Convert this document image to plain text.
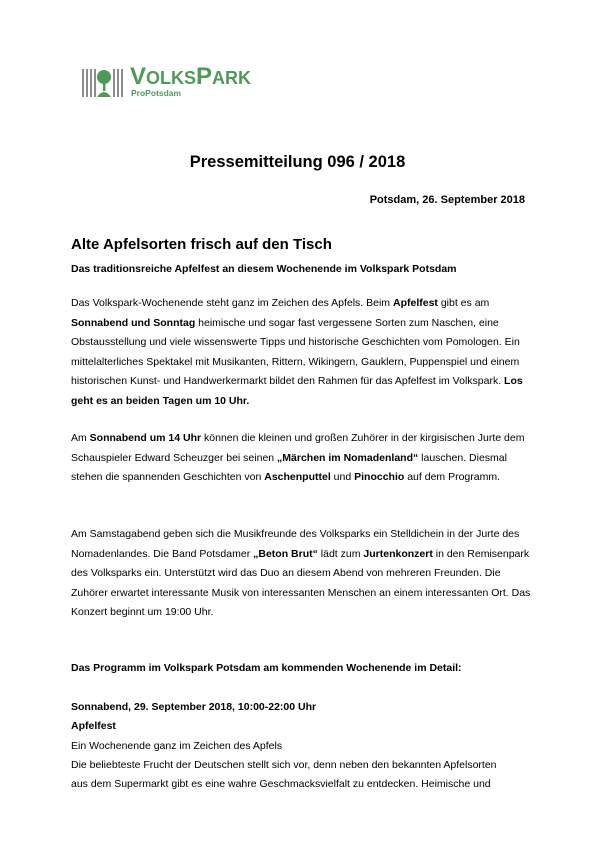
VOLKSPARK
ProPotsdam
Pressemitteilung 096 / 2018
Potsdam, 26. September 2018
Alte Apfelsorten frisch auf den Tisch
Das traditionsreiche Apfelfest an diesem Wochenende im Volkspark Potsdam

Das Volkspark-Wochenende steht ganz im Zeichen des Apfels. Beim Apfelfest gibt es am Sonnabend und Sonntag heimische und sogar fast vergessene Sorten zum Naschen, eine Obstausstellung und viele wissenswerte Tipps und historische Geschichten vom Pomologen. Ein mittelalterliches Spektakel mit Musikanten, Rittern, Wikingern, Gauklern, Puppenspiel und einem historischen Kunst- und Handwerkermarkt bildet den Rahmen für das Apfelfest im Volkspark. Los geht es an beiden Tagen um 10 Uhr.

Am Sonnabend um 14 Uhr können die kleinen und großen Zuhörer in der kirgisischen Jurte dem Schauspieler Edward Scheuzger bei seinen „Märchen im Nomadenland“ lauschen. Diesmal stehen die spannenden Geschichten von Aschenputtel und Pinocchio auf dem Programm.

Am Samstagabend geben sich die Musikfreunde des Volksparks ein Stelldichein in der Jurte des Nomadenlandes. Die Band Potsdamer „Beton Brut“ lädt zum Jurtenkonzert in den Remisenpark des Volksparks ein. Unterstützt wird das Duo an diesem Abend von mehreren Freunden. Die Zuhörer erwartet interessante Musik von interessanten Menschen an einem interessanten Ort. Das Konzert beginnt um 19:00 Uhr.

Das Programm im Volkspark Potsdam am kommenden Wochenende im Detail:
Sonnabend, 29. September 2018, 10:00-22:00 Uhr
Apfelfest
Ein Wochenende ganz im Zeichen des Apfels
Die beliebteste Frucht der Deutschen stellt sich vor, denn neben den bekannten Apfelsorten
aus dem Supermarkt gibt es eine wahre Geschmacksvielfalt zu entdecken. Heimische und
